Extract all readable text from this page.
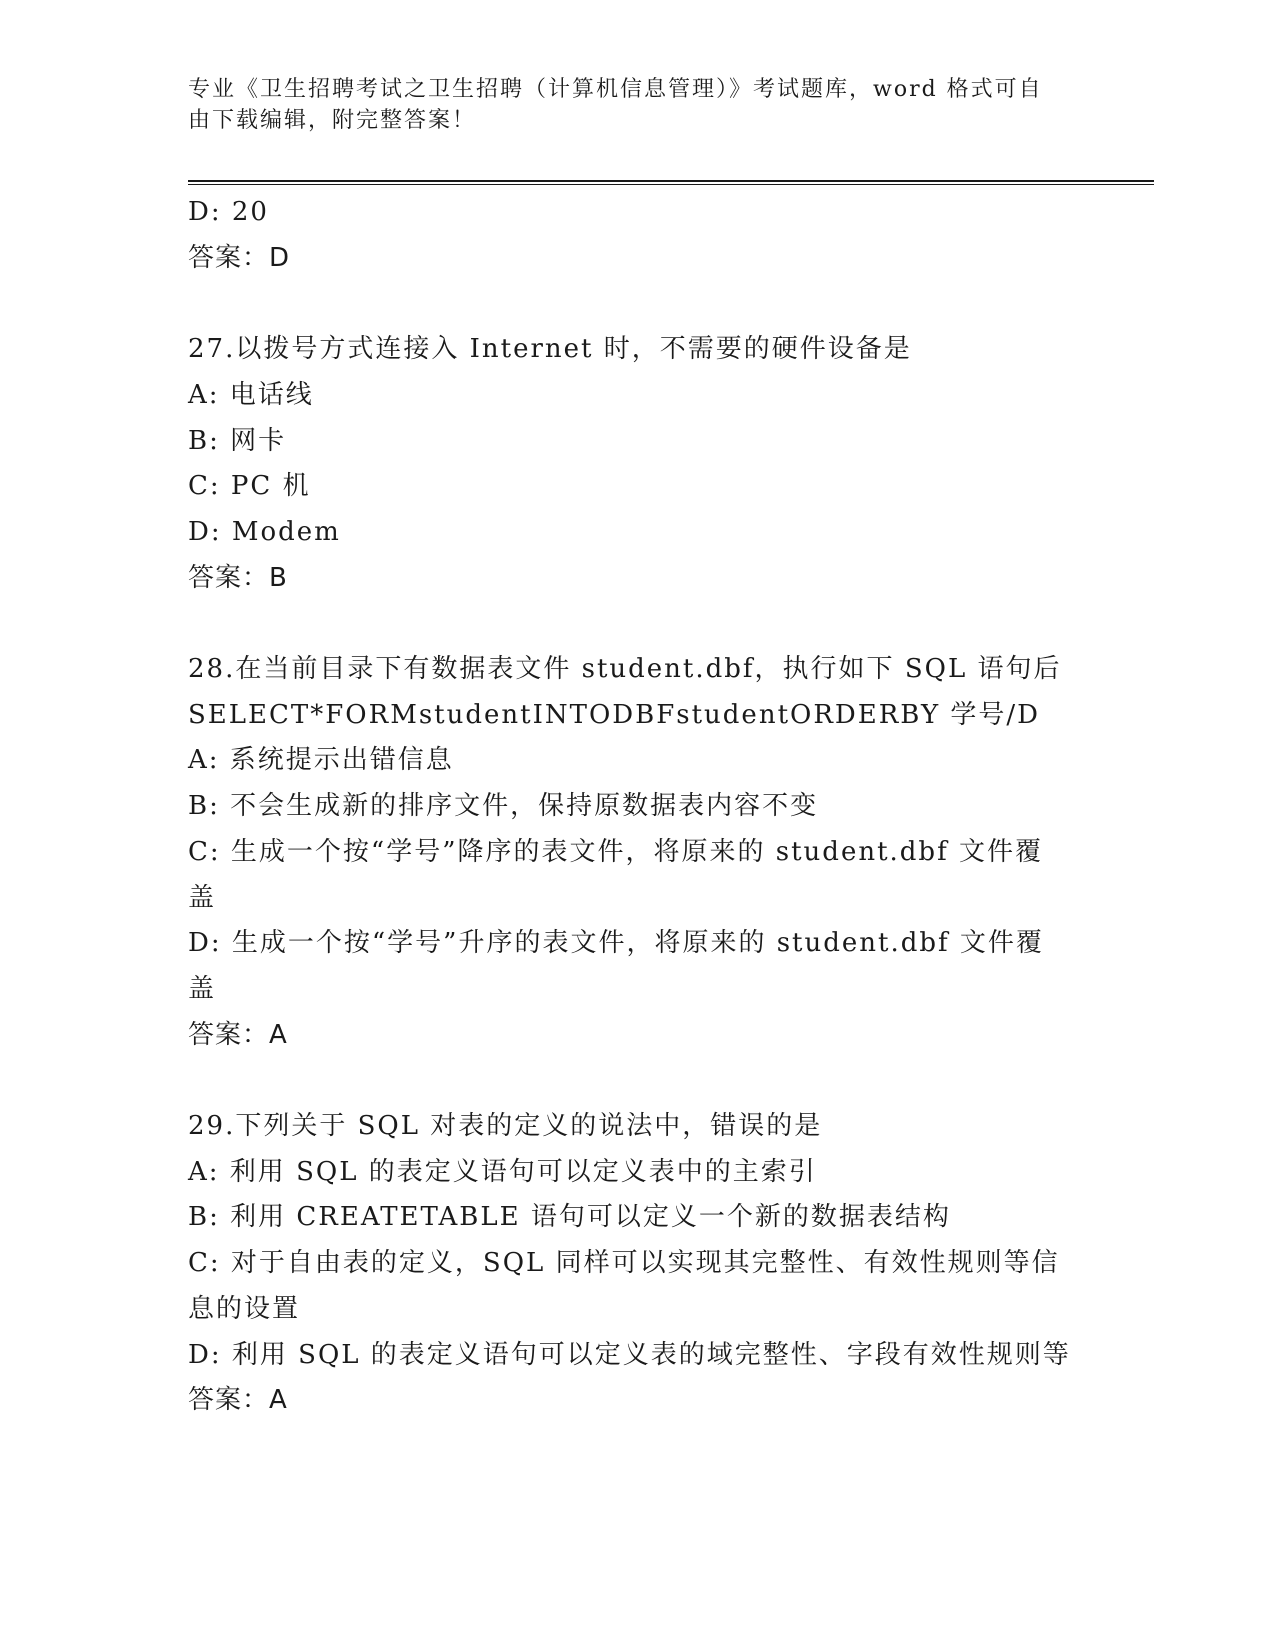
专业《卫生招聘考试之卫生招聘（计算机信息管理）》考试题库，word 格式可自
由下载编辑，附完整答案！
D: 20
答案：D
27.以拨号方式连接入 Internet 时，不需要的硬件设备是
A: 电话线
B: 网卡
C: PC 机
D: Modem
答案：B
28.在当前目录下有数据表文件 student.dbf，执行如下 SQL 语句后
SELECT*FORMstudentINTODBFstudentORDERBY 学号/D
A: 系统提示出错信息
B: 不会生成新的排序文件，保持原数据表内容不变
C: 生成一个按“学号”降序的表文件，将原来的 student.dbf 文件覆
盖
D: 生成一个按“学号”升序的表文件，将原来的 student.dbf 文件覆
盖
答案：A
29.下列关于 SQL 对表的定义的说法中，错误的是
A: 利用 SQL 的表定义语句可以定义表中的主索引
B: 利用 CREATETABLE 语句可以定义一个新的数据表结构
C: 对于自由表的定义，SQL 同样可以实现其完整性、有效性规则等信
息的设置
D: 利用 SQL 的表定义语句可以定义表的域完整性、字段有效性规则等
答案：A
